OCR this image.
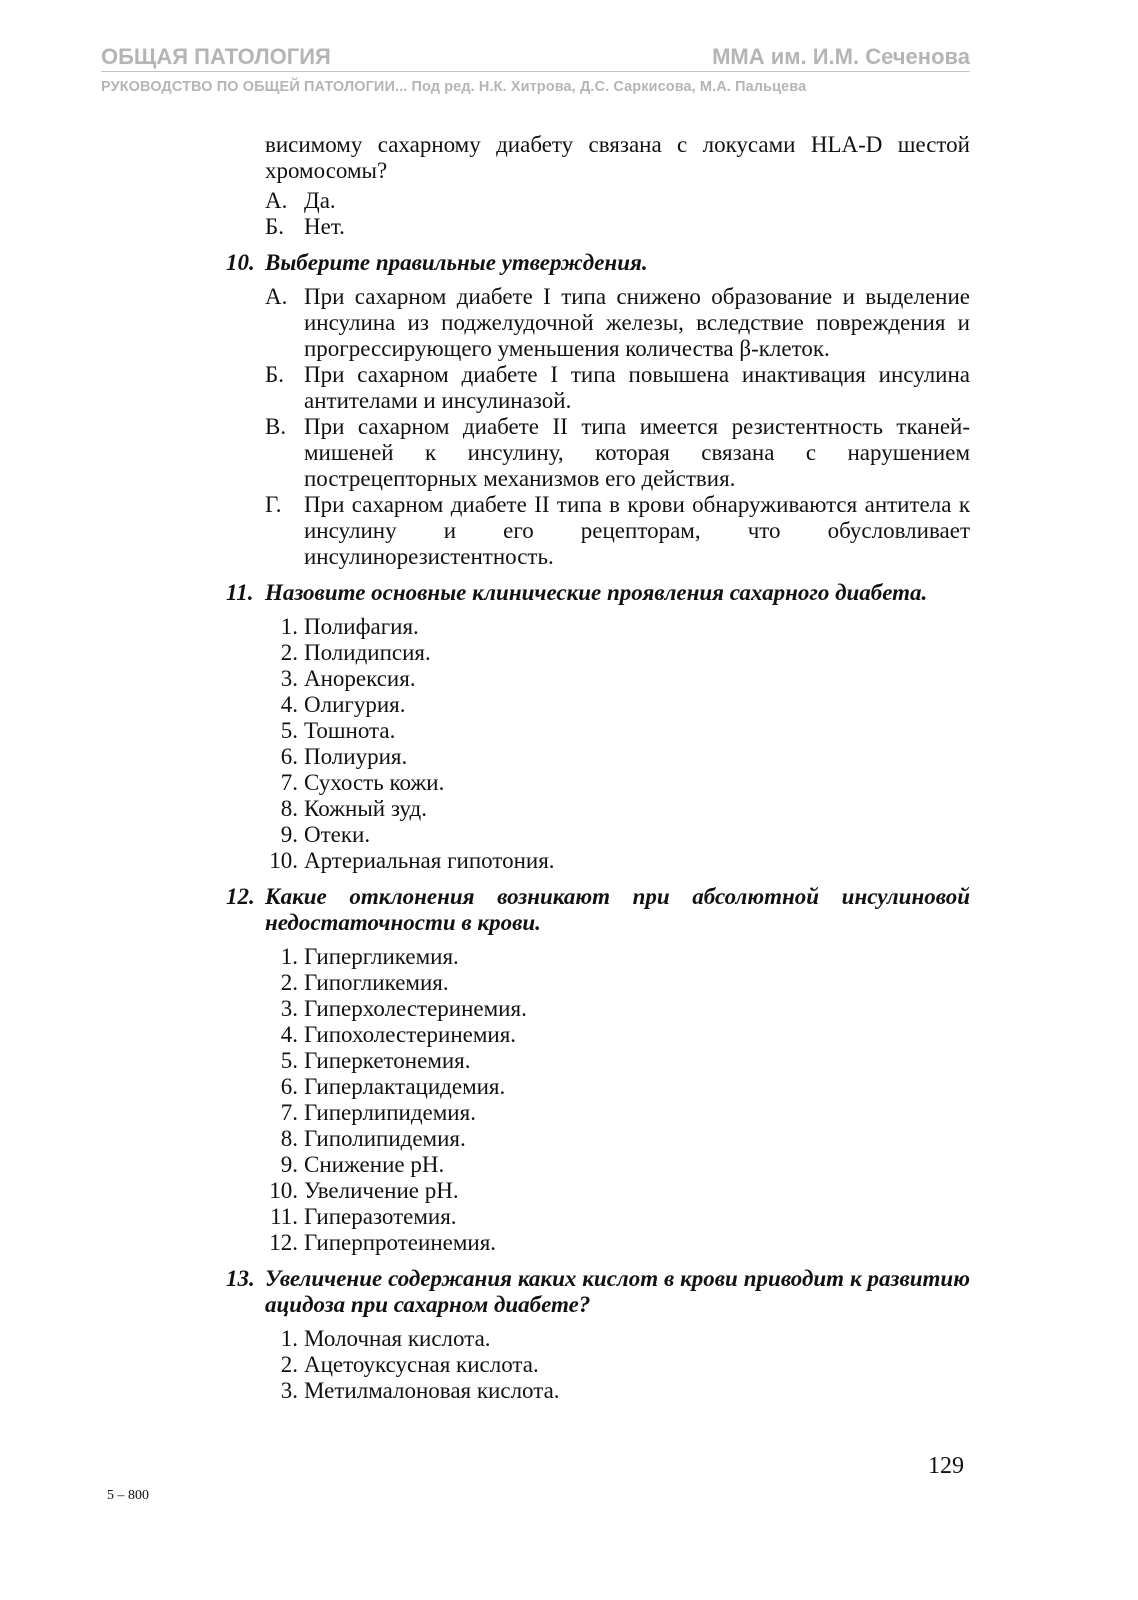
ОБЩАЯ ПАТОЛОГИЯ	ММА им. И.М. Сеченова
РУКОВОДСТВО ПО ОБЩЕЙ ПАТОЛОГИИ... Под ред. Н.К. Хитрова, Д.С. Саркисова, М.А. Пальцева
висимому сахарному диабету связана с локусами HLA-D шестой хромосомы?
А. Да.
Б. Нет.
10. Выберите правильные утверждения.
А. При сахарном диабете I типа снижено образование и выделение инсулина из поджелудочной железы, вследствие повреждения и прогрессирующего уменьшения количества β-клеток.
Б. При сахарном диабете I типа повышена инактивация инсулина антителами и инсулиназой.
В. При сахарном диабете II типа имеется резистентность тканей-мишеней к инсулину, которая связана с нарушением пострецепторных механизмов его действия.
Г. При сахарном диабете II типа в крови обнаруживаются антитела к инсулину и его рецепторам, что обусловливает инсулинорезистентность.
11. Назовите основные клинические проявления сахарного диабета.
1. Полифагия.
2. Полидипсия.
3. Анорексия.
4. Олигурия.
5. Тошнота.
6. Полиурия.
7. Сухость кожи.
8. Кожный зуд.
9. Отеки.
10. Артериальная гипотония.
12. Какие отклонения возникают при абсолютной инсулиновой недостаточности в крови.
1. Гипергликемия.
2. Гипогликемия.
3. Гиперхолестеринемия.
4. Гипохолестеринемия.
5. Гиперкетонемия.
6. Гиперлактацидемия.
7. Гиперлипидемия.
8. Гиполипидемия.
9. Снижение pH.
10. Увеличение pH.
11. Гиперазотемия.
12. Гиперпротеинемия.
13. Увеличение содержания каких кислот в крови приводит к развитию ацидоза при сахарном диабете?
1. Молочная кислота.
2. Ацетоуксусная кислота.
3. Метилмалоновая кислота.
129
5 – 800
